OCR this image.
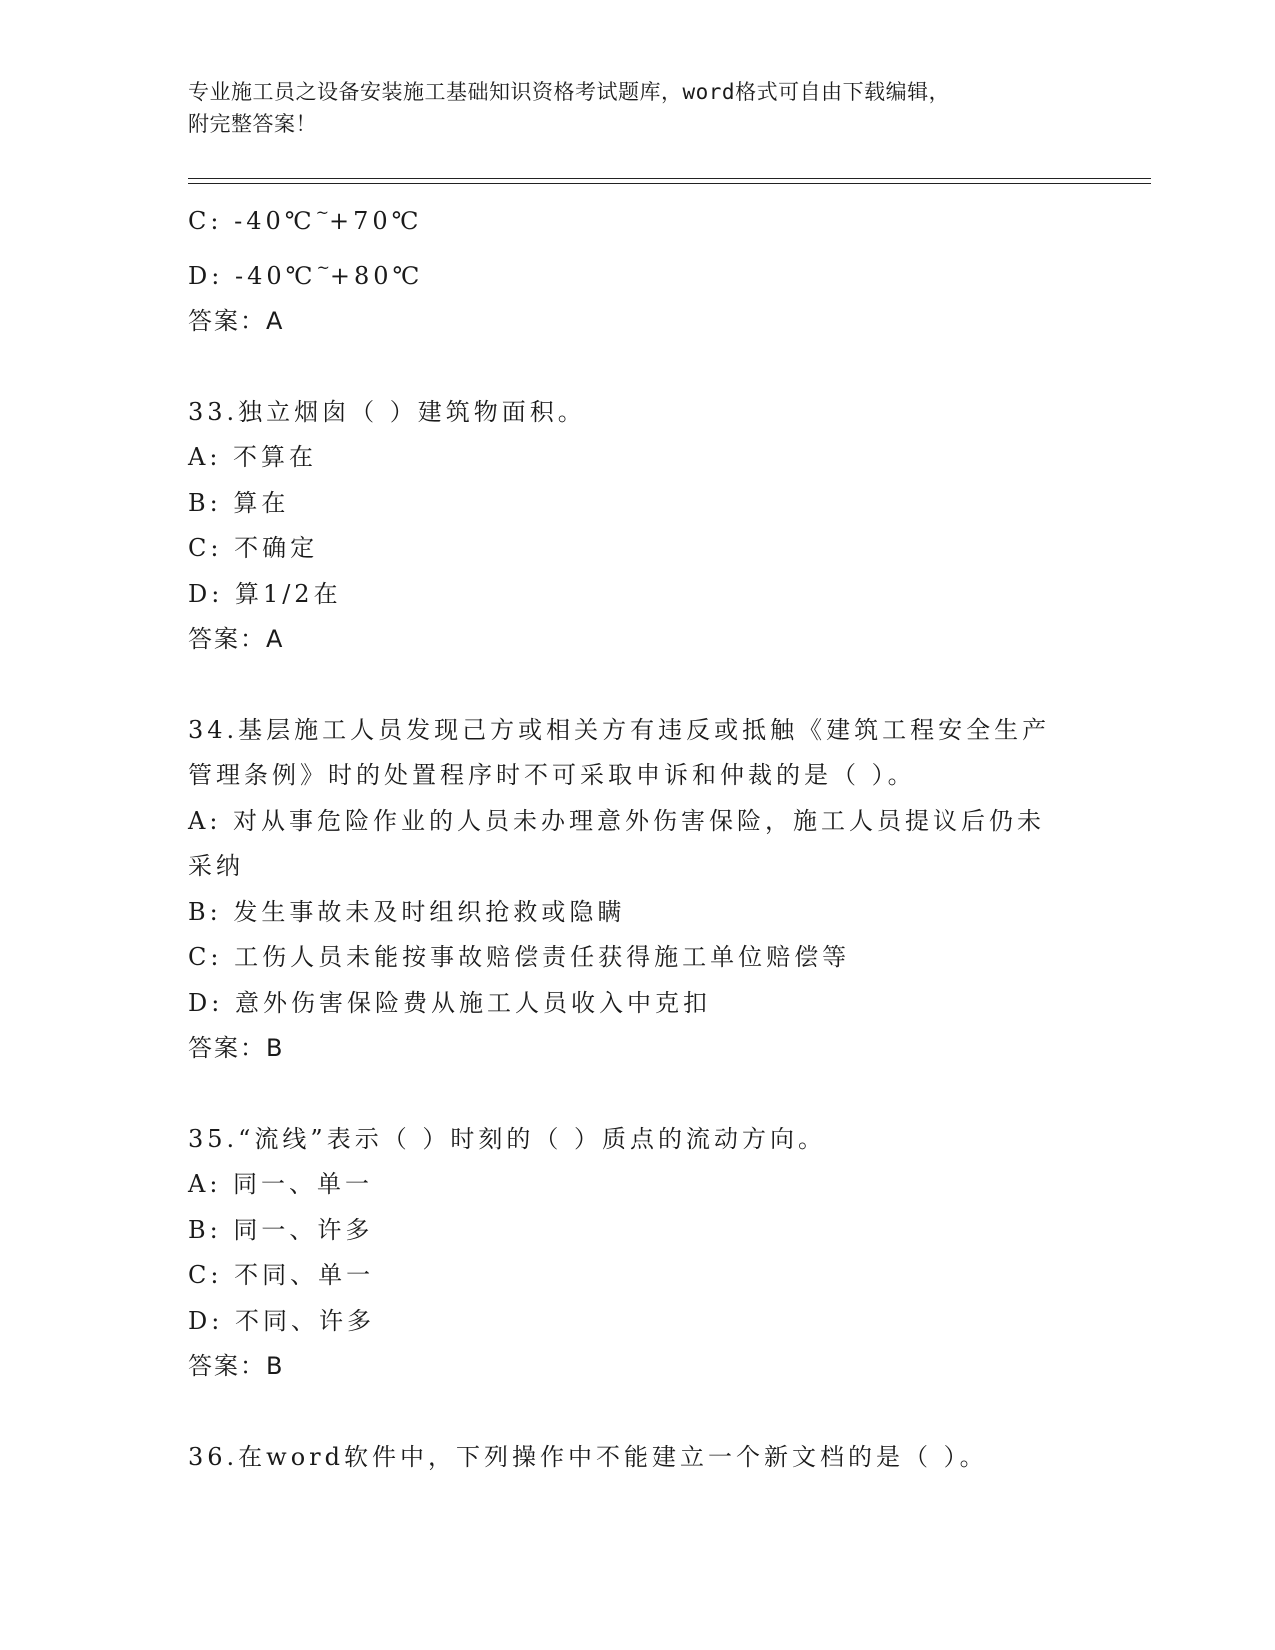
专业施工员之设备安装施工基础知识资格考试题库，word格式可自由下载编辑，
附完整答案！
C: -40℃~+70℃
D: -40℃~+80℃
答案：A
33.独立烟囱（ ）建筑物面积。
A: 不算在
B: 算在
C: 不确定
D: 算1/2在
答案：A
34.基层施工人员发现己方或相关方有违反或抵触《建筑工程安全生产
管理条例》时的处置程序时不可采取申诉和仲裁的是（ ）。
A: 对从事危险作业的人员未办理意外伤害保险，施工人员提议后仍未
采纳
B: 发生事故未及时组织抢救或隐瞒
C: 工伤人员未能按事故赔偿责任获得施工单位赔偿等
D: 意外伤害保险费从施工人员收入中克扣
答案：B
35.“流线”表示（ ）时刻的（ ）质点的流动方向。
A: 同一、单一
B: 同一、许多
C: 不同、单一
D: 不同、许多
答案：B
36.在word软件中，下列操作中不能建立一个新文档的是（ ）。
